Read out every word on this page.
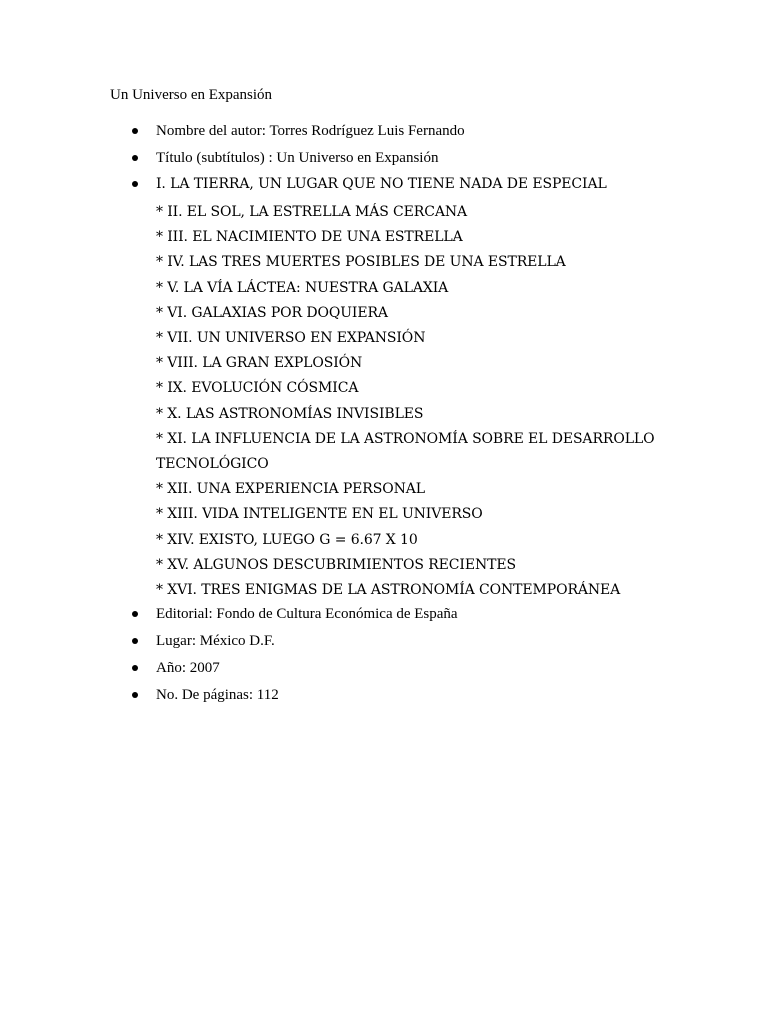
Un Universo en Expansión
Nombre del autor: Torres Rodríguez Luis Fernando
Título (subtítulos) : Un Universo en Expansión
I. LA TIERRA, UN LUGAR QUE NO TIENE NADA DE ESPECIAL
* II. EL SOL, LA ESTRELLA MÁS CERCANA
* III. EL NACIMIENTO DE UNA ESTRELLA
* IV. LAS TRES MUERTES POSIBLES DE UNA ESTRELLA
* V. LA VÍA LÁCTEA: NUESTRA GALAXIA
* VI. GALAXIAS POR DOQUIERA
* VII. UN UNIVERSO EN EXPANSIÓN
* VIII. LA GRAN EXPLOSIÓN
* IX. EVOLUCIÓN CÓSMICA
* X. LAS ASTRONOMÍAS INVISIBLES
* XI. LA INFLUENCIA DE LA ASTRONOMÍA SOBRE EL DESARROLLO TECNOLÓGICO
* XII. UNA EXPERIENCIA PERSONAL
* XIII. VIDA INTELIGENTE EN EL UNIVERSO
* XIV. EXISTO, LUEGO G = 6.67 X 10
* XV. ALGUNOS DESCUBRIMIENTOS RECIENTES
* XVI. TRES ENIGMAS DE LA ASTRONOMÍA CONTEMPORÁNEA
Editorial: Fondo de Cultura Económica de España
Lugar: México D.F.
Año: 2007
No. De páginas: 112
